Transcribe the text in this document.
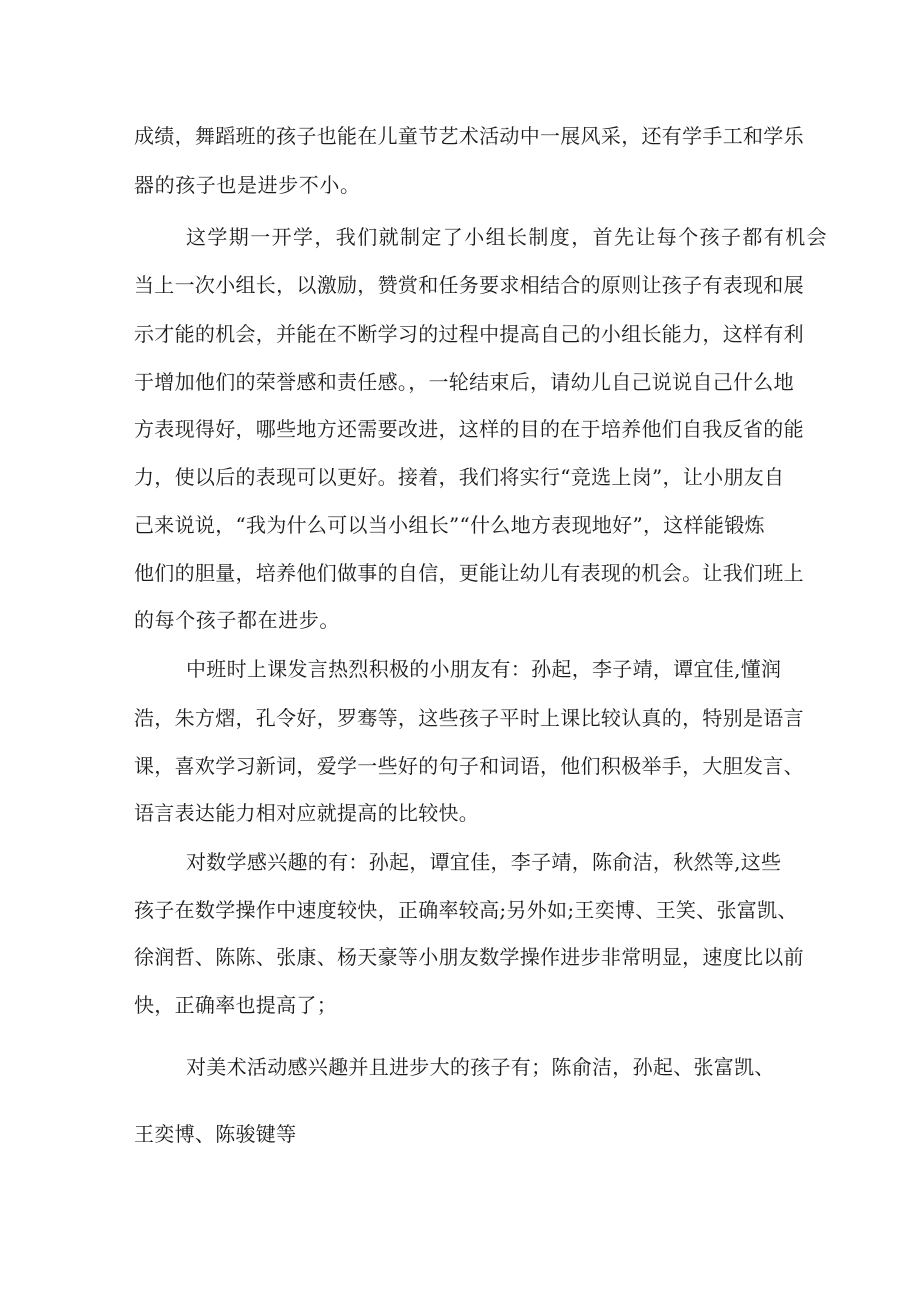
成绩，舞蹈班的孩子也能在儿童节艺术活动中一展风采，还有学手工和学乐

器的孩子也是进步不小。

这学期一开学，我们就制定了小组长制度，首先让每个孩子都有机会

当上一次小组长，以激励，赞赏和任务要求相结合的原则让孩子有表现和展

示才能的机会，并能在不断学习的过程中提高自己的小组长能力，这样有利

于增加他们的荣誉感和责任感。，一轮结束后，请幼儿自己说说自己什么地

方表现得好，哪些地方还需要改进，这样的目的在于培养他们自我反省的能

力，使以后的表现可以更好。接着，我们将实行“竞选上岗”，让小朋友自

己来说说，“我为什么可以当小组长”“什么地方表现地好”，这样能锻炼

他们的胆量，培养他们做事的自信，更能让幼儿有表现的机会。让我们班上

的每个孩子都在进步。

中班时上课发言热烈积极的小朋友有：孙起，李子靖，谭宜佳,懂润

浩，朱方熠，孔令好，罗骞等，这些孩子平时上课比较认真的，特别是语言

课，喜欢学习新词，爱学一些好的句子和词语，他们积极举手，大胆发言、

语言表达能力相对应就提高的比较快。

对数学感兴趣的有：孙起，谭宜佳，李子靖，陈俞洁，秋然等,这些

孩子在数学操作中速度较快，正确率较高;另外如;王奕博、王笑、张富凯、

徐润哲、陈陈、张康、杨天豪等小朋友数学操作进步非常明显，速度比以前

快，正确率也提高了；

对美术活动感兴趣并且进步大的孩子有；陈俞洁，孙起、张富凯、

王奕博、陈骏键等
